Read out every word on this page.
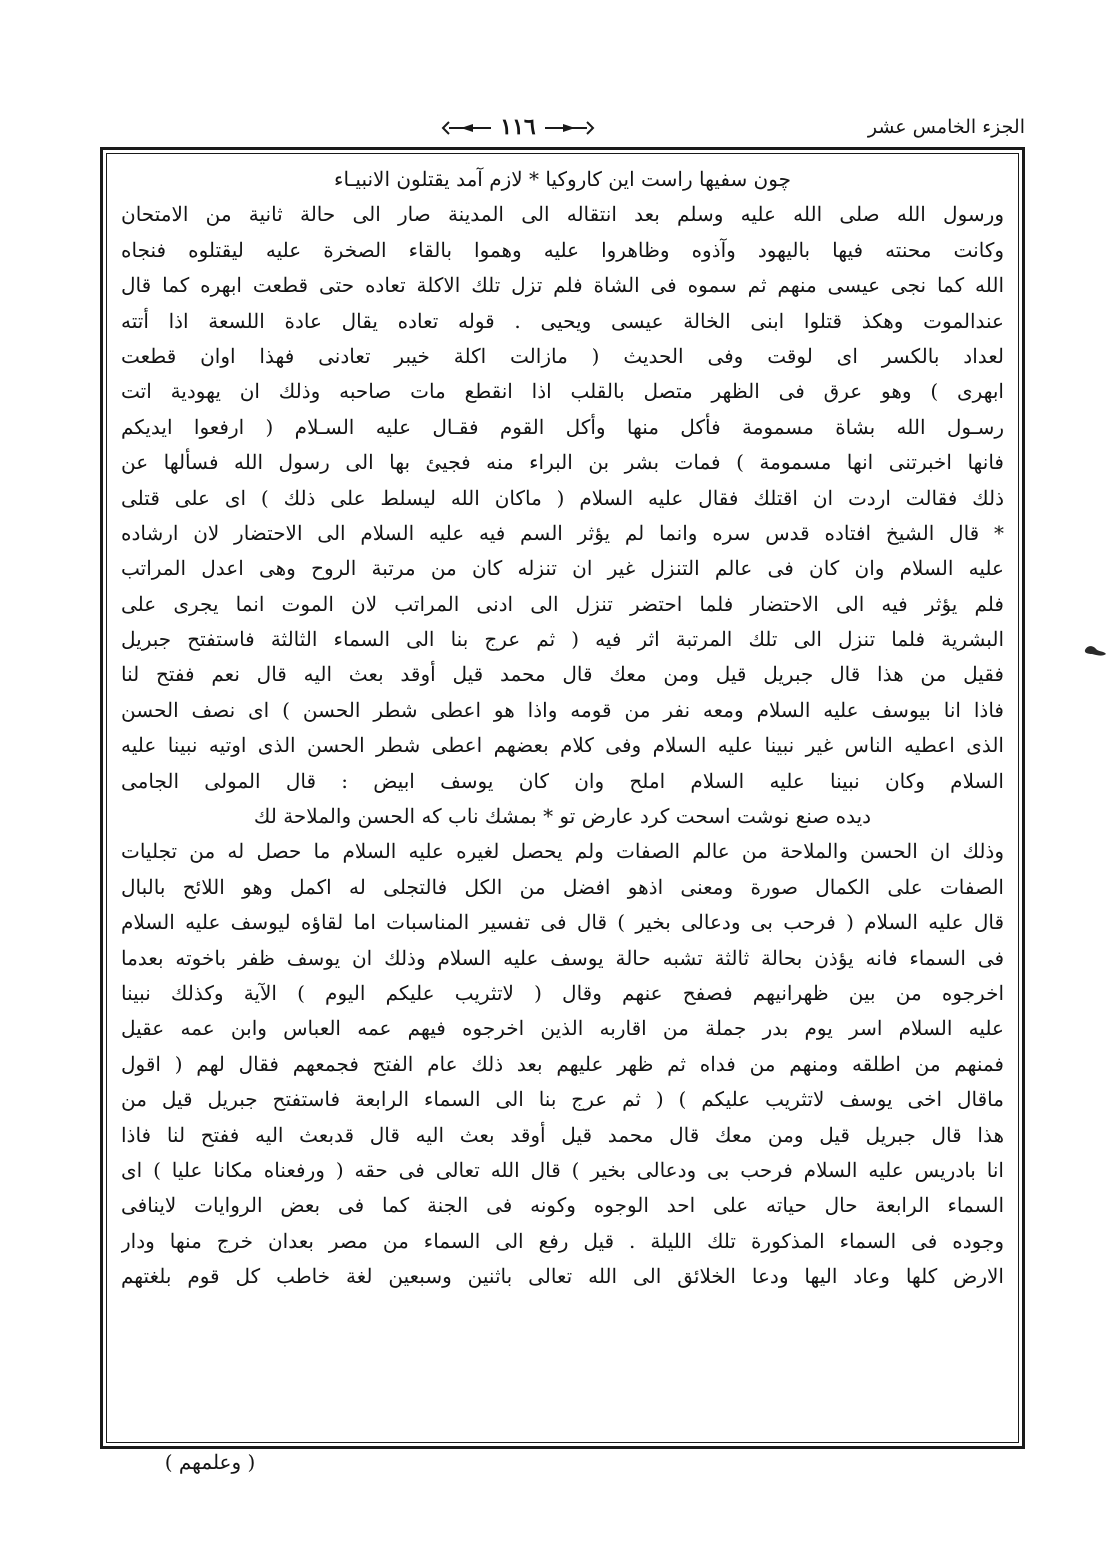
الجزء الخامس عشر
١١٦
چون سفيها راست اين كاروكيا * لازم آمد يقتلون الانبيـاء
ورسول الله صلى الله عليه وسلم بعد انتقاله الى المدينة صار الى حالة ثانية من الامتحان
وكانت محنته فيها باليهود وآذوه وظاهروا عليه وهموا بالقاء الصخرة عليه ليقتلوه فنجاه
الله كما نجى عيسى منهم ثم سموه فى الشاة فلم تزل تلك الاكلة تعاده حتى قطعت ابهره كما قال
عندالموت وهكذ قتلوا ابنى الخالة عيسى ويحيى . قوله تعاده يقال عادة اللسعة اذا أتته
لعداد بالكسر اى لوقت وفى الحديث ( مازالت اكلة خيبر تعادنى فهذا اوان قطعت
ابهرى ) وهو عرق فى الظهر متصل بالقلب اذا انقطع مات صاحبه وذلك ان يهودية اتت
رسـول الله بشاة مسمومة فأكل منها وأكل القوم فقـال عليه السـلام ( ارفعوا ايديكم
فانها اخبرتنى انها مسمومة ) فمات بشر بن البراء منه فجيئ بها الى رسول الله فسألها عن
ذلك فقالت اردت ان اقتلك فقال عليه السلام ( ماكان الله ليسلط على ذلك ) اى على قتلى
* قال الشيخ افتاده قدس سره وانما لم يؤثر السم فيه عليه السلام الى الاحتضار لان ارشاده
عليه السلام وان كان فى عالم التنزل غير ان تنزله كان من مرتبة الروح وهى اعدل المراتب
فلم يؤثر فيه الى الاحتضار فلما احتضر تنزل الى ادنى المراتب لان الموت انما يجرى على
البشرية فلما تنزل الى تلك المرتبة اثر فيه ( ثم عرج بنا الى السماء الثالثة فاستفتح جبريل
فقيل من هذا قال جبريل قيل ومن معك قال محمد قيل أوقد بعث اليه قال نعم ففتح لنا
فاذا انا بيوسف عليه السلام ومعه نفر من قومه واذا هو اعطى شطر الحسن ) اى نصف الحسن
الذى اعطيه الناس غير نبينا عليه السلام وفى كلام بعضهم اعطى شطر الحسن الذى اوتيه نبينا عليه
السلام وكان نبينا عليه السلام املح وان كان يوسف ابيض : قال المولى الجامى
ديده صنع نوشت اسحت كرد عارض تو * بمشك ناب كه الحسن والملاحة لك
وذلك ان الحسن والملاحة من عالم الصفات ولم يحصل لغيره عليه السلام ما حصل له من تجليات
الصفات على الكمال صورة ومعنى اذهو افضل من الكل فالتجلى له اكمل وهو اللائح بالبال
قال عليه السلام ( فرحب بى ودعالى بخير ) قال فى تفسير المناسبات اما لقاؤه ليوسف عليه السلام
فى السماء فانه يؤذن بحالة ثالثة تشبه حالة يوسف عليه السلام وذلك ان يوسف ظفر باخوته بعدما
اخرجوه من بين ظهرانيهم فصفح عنهم وقال ( لاتثريب عليكم اليوم ) الآية وكذلك نبينا
عليه السلام اسر يوم بدر جملة من اقاربه الذين اخرجوه فيهم عمه العباس وابن عمه عقيل
فمنهم من اطلقه ومنهم من فداه ثم ظهر عليهم بعد ذلك عام الفتح فجمعهم فقال لهم ( اقول
ماقال اخى يوسف لاتثريب عليكم ) ( ثم عرج بنا الى السماء الرابعة فاستفتح جبريل قيل من
هذا قال جبريل قيل ومن معك قال محمد قيل أوقد بعث اليه قال قدبعث اليه ففتح لنا فاذا
انا بادريس عليه السلام فرحب بى ودعالى بخير ) قال الله تعالى فى حقه ( ورفعناه مكانا عليا ) اى
السماء الرابعة حال حياته على احد الوجوه وكونه فى الجنة كما فى بعض الروايات لاينافى
وجوده فى السماء المذكورة تلك الليلة . قيل رفع الى السماء من مصر بعدان خرج منها ودار
الارض كلها وعاد اليها ودعا الخلائق الى الله تعالى باثنين وسبعين لغة خاطب كل قوم بلغتهم
( وعلمهم )
